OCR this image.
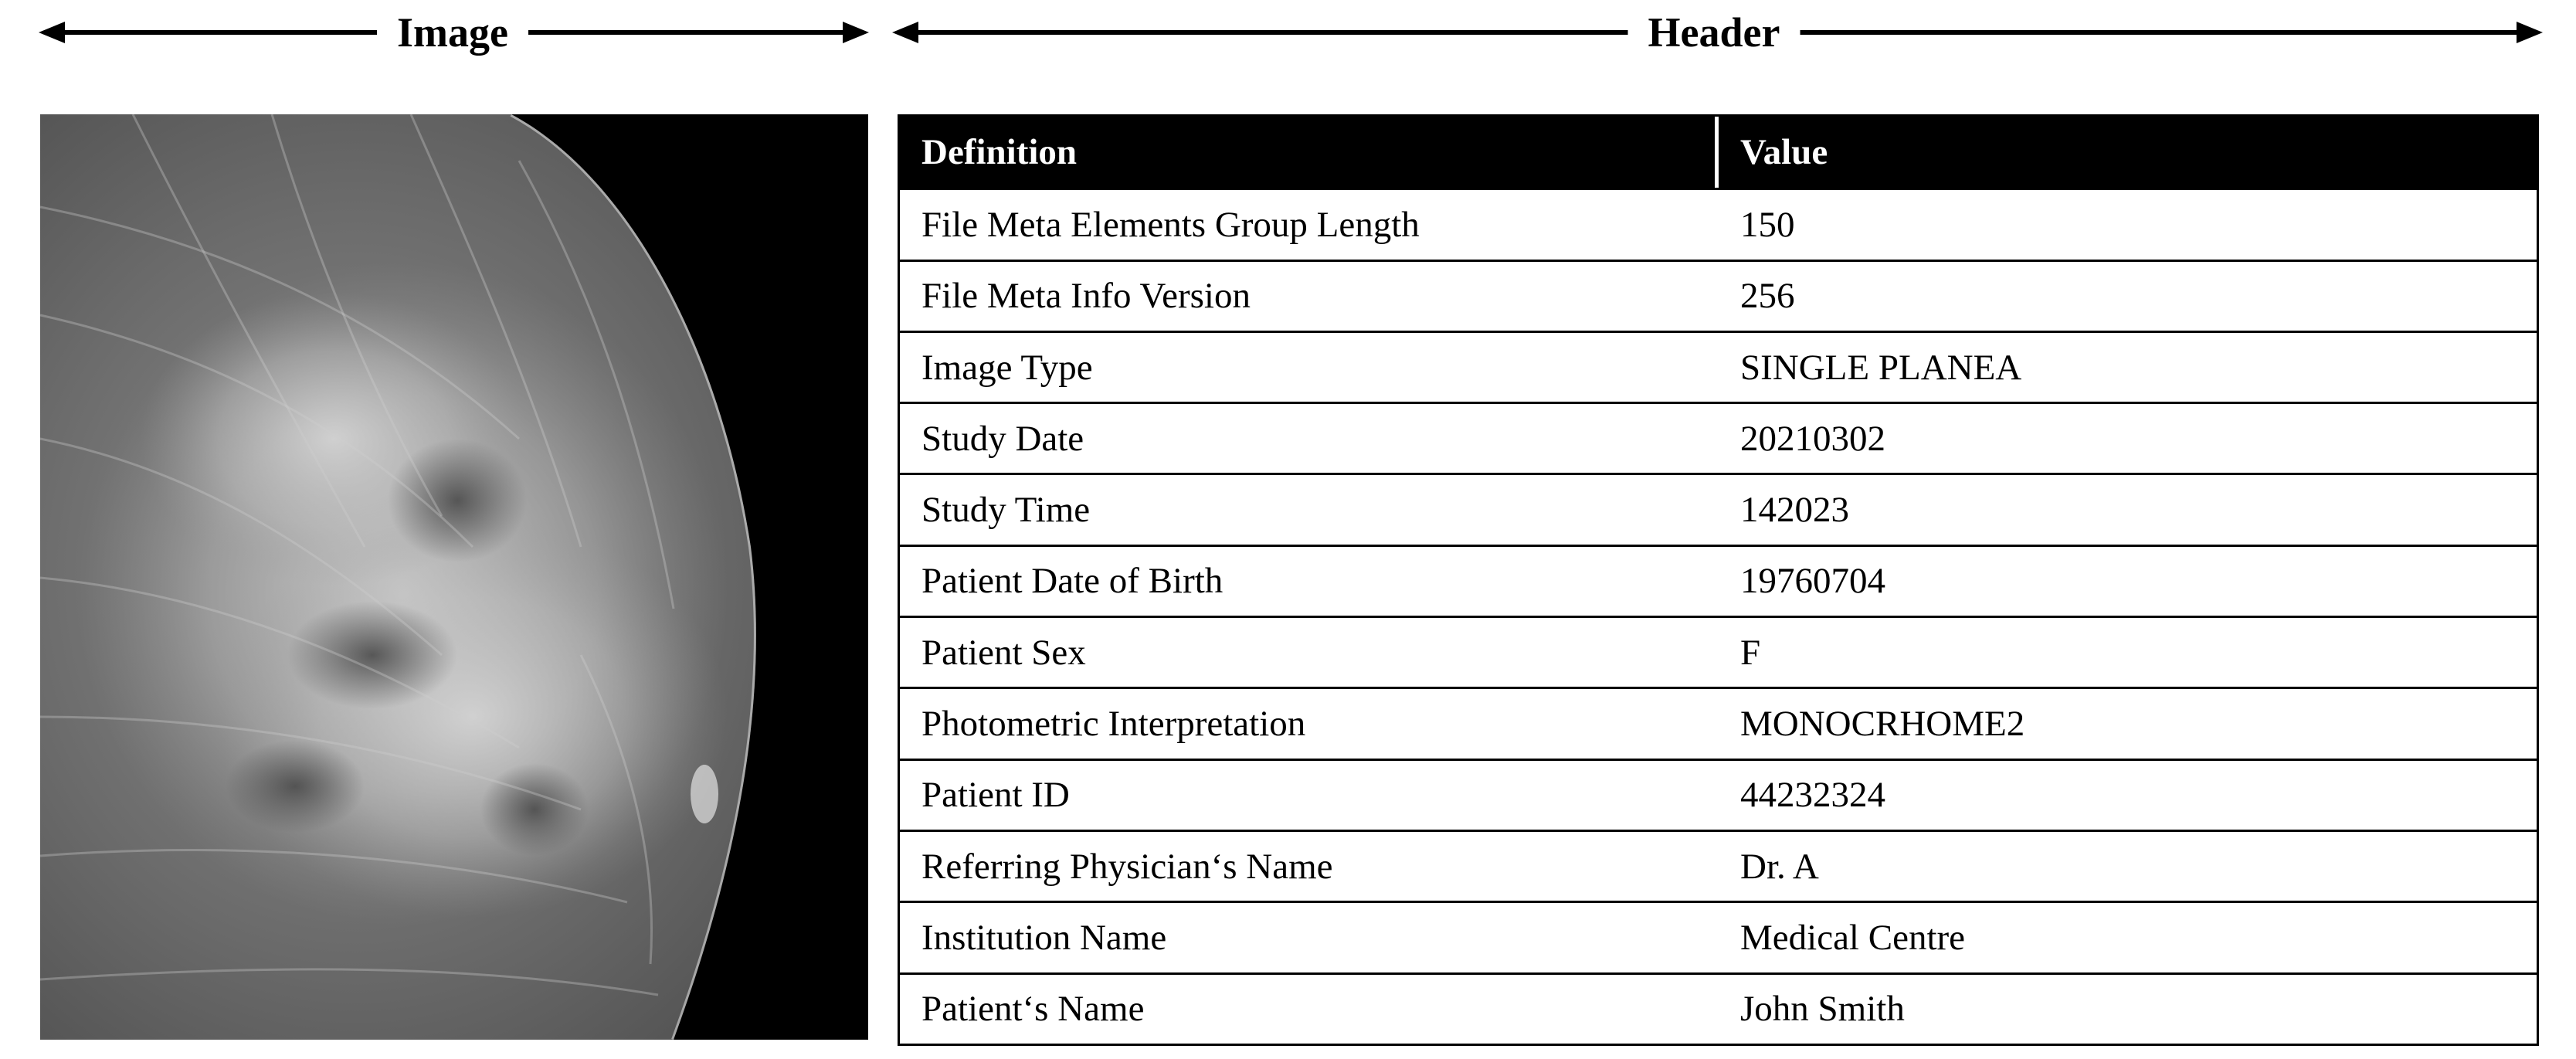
Image	Header
Definition	Value
File Meta Elements Group Length	150
File Meta Info Version	256
Image Type	SINGLE PLANEA
Study Date	20210302
Study Time	142023
Patient Date of Birth	19760704
Patient Sex	F
Photometric Interpretation	MONOCRHOME2
Patient ID	44232324
Referring Physician‘s Name	Dr. A
Institution Name	Medical Centre
Patient‘s Name	John Smith
